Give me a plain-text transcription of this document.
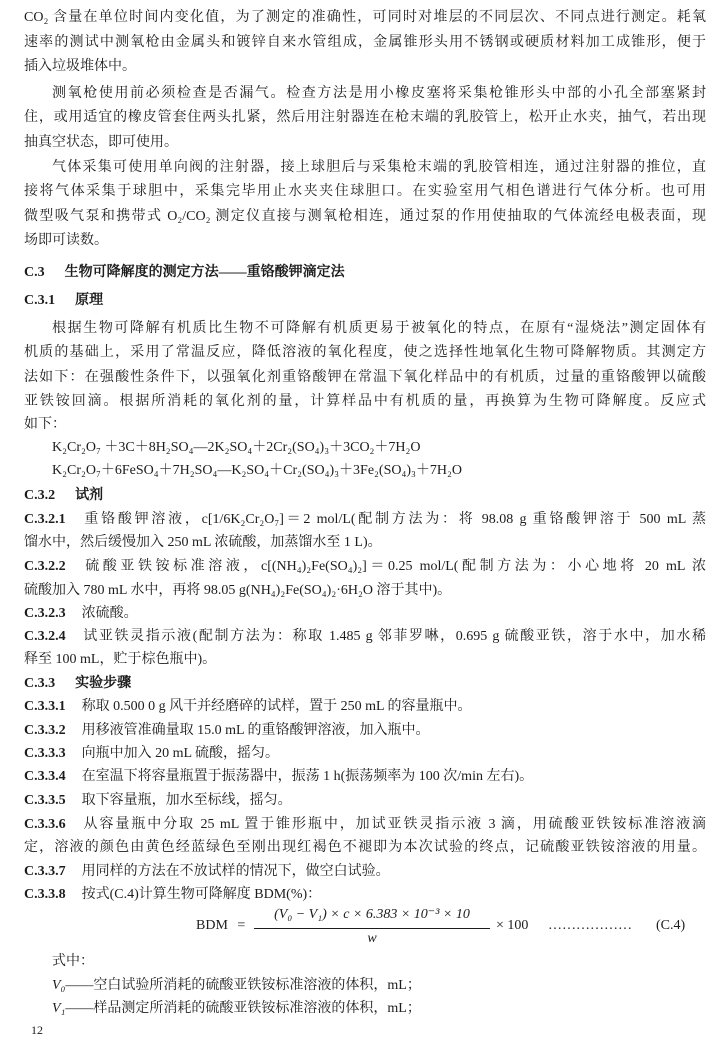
CO₂ 含量在单位时间内变化值，为了测定的准确性，可同时对堆层的不同层次、不同点进行测定。耗氧
速率的测试中测氧枪由金属头和镀锌自来水管组成，金属锥形头用不锈钢或硬质材料加工成锥形，便于
插入垃圾堆体中。
测氧枪使用前必须检查是否漏气。检查方法是用小橡皮塞将采集枪锥形头中部的小孔全部塞紧封
住，或用适宜的橡皮管套住两头扎紧，然后用注射器连在枪末端的乳胶管上，松开止水夹，抽气，若出现
抽真空状态，即可使用。
气体采集可使用单向阀的注射器，接上球胆后与采集枪末端的乳胶管相连，通过注射器的推位，直
接将气体采集于球胆中，采集完毕用止水夹夹住球胆口。在实验室用气相色谱进行气体分析。也可用
微型吸气泵和携带式 O₂/CO₂ 测定仪直接与测氧枪相连，通过泵的作用使抽取的气体流经电极表面，现
场即可读数。
C.3 生物可降解度的测定方法——重铬酸钾滴定法
C.3.1 原理
根据生物可降解有机质比生物不可降解有机质更易于被氧化的特点，在原有“湿烧法”测定固体有
机质的基础上，采用了常温反应，降低溶液的氧化程度，使之选择性地氧化生物可降解物质。其测定方
法如下：在强酸性条件下，以强氧化剂重铬酸钾在常温下氧化样品中的有机质，过量的重铬酸钾以硫酸
亚铁铵回滴。根据所消耗的氧化剂的量，计算样品中有机质的量，再换算为生物可降解度。反应式
如下：
K₂Cr₂O₇ ＋3C＋8H₂SO₄—2K₂SO₄＋2Cr₂(SO₄)₃＋3CO₂＋7H₂O
K₂Cr₂O₇＋6FeSO₄＋7H₂SO₄—K₂SO₄＋Cr₂(SO₄)₃＋3Fe₂(SO₄)₃＋7H₂O
C.3.2 试剂
C.3.2.1 重铬酸钾溶液，c[1/6K₂Cr₂O₇]＝2 mol/L(配制方法为：将 98.08 g 重铬酸钾溶于 500 mL 蒸
馏水中，然后缓慢加入 250 mL 浓硫酸，加蒸馏水至 1 L)。
C.3.2.2 硫酸亚铁铵标准溶液，c[(NH₄)₂Fe(SO₄)₂]＝0.25 mol/L(配制方法为：小心地将 20 mL 浓
硫酸加入 780 mL 水中，再将 98.05 g(NH₄)₂Fe(SO₄)₂·6H₂O 溶于其中)。
C.3.2.3 浓硫酸。
C.3.2.4 试亚铁灵指示液(配制方法为：称取 1.485 g 邻菲罗啉，0.695 g 硫酸亚铁，溶于水中，加水稀
释至 100 mL，贮于棕色瓶中)。
C.3.3 实验步骤
C.3.3.1 称取 0.500 0 g 风干并经磨碎的试样，置于 250 mL 的容量瓶中。
C.3.3.2 用移液管准确量取 15.0 mL 的重铬酸钾溶液，加入瓶中。
C.3.3.3 向瓶中加入 20 mL 硫酸，摇匀。
C.3.3.4 在室温下将容量瓶置于振荡器中，振荡 1 h(振荡频率为 100 次/min 左右)。
C.3.3.5 取下容量瓶，加水至标线，摇匀。
C.3.3.6 从容量瓶中分取 25 mL 置于锥形瓶中，加试亚铁灵指示液 3 滴，用硫酸亚铁铵标准溶液滴
定，溶液的颜色由黄色经蓝绿色至刚出现红褐色不褪即为本次试验的终点，记硫酸亚铁铵溶液的用量。
C.3.3.7 用同样的方法在不放试样的情况下，做空白试验。
C.3.3.8 按式(C.4)计算生物可降解度 BDM(%)：
BDM =
(V₀ − V₁) × c × 6.383 × 10⁻³ × 10
w
× 100 ……………… (C.4)
式中：
V₀——空白试验所消耗的硫酸亚铁铵标准溶液的体积，mL；
V₁——样品测定所消耗的硫酸亚铁铵标准溶液的体积，mL；
12
